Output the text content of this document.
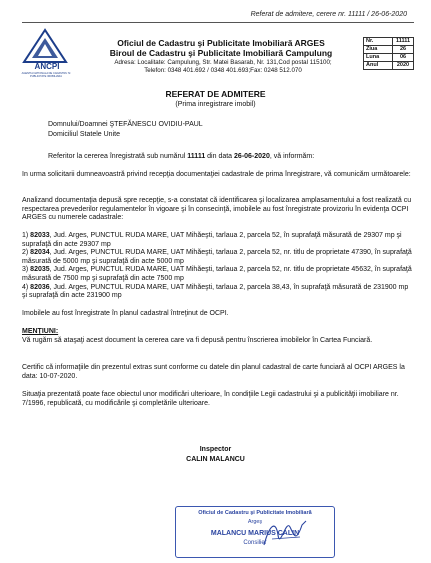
Referat de admitere, cerere nr. 11111 / 26-06-2020
ANCPI
AGENTIA NATIONALA DE CADASTRU SI PUBLICITATE IMOBILIARA
Oficiul de Cadastru şi Publicitate Imobiliară ARGES
Biroul de Cadastru şi Publicitate Imobiliară Campulung
Adresa: Localitate: Campulung, Str. Matei Basarab, Nr. 131,Cod postal 115100;
Telefon: 0348 401.692 / 0348 401.693;Fax: 0248 512.070
Nr.	11111
Ziua	26
Luna	06
Anul	2020
REFERAT DE ADMITERE
(Prima inregistrare imobil)
Domnului/Doamnei ŞTEFĂNESCU OVIDIU-PAUL
Domiciliul Statele Unite
Referitor la cererea înregistrată sub numărul 11111 din data 26-06-2020, vă informăm:
In urma solicitarii dumneavoastră privind recepţia documentaţiei cadastrale de prima înregistrare, vă comunicăm următoarele:
Analizand documentaţia depusă spre recepţie, s-a constatat că identificarea şi localizarea amplasamentului a fost realizată cu respectarea prevederilor regulamentelor în vigoare şi în consecinţă, imobilele au fost înregistrate provizoriu în evidenţa OCPI ARGES cu numerele cadastrale:
1) 82033, Jud. Arges, PUNCTUL RUDA MARE, UAT Mihăeşti, tarlaua 2, parcela 52, în suprafaţă măsurată de 29307 mp şi suprafaţă din acte 29307 mp
2) 82034, Jud. Arges, PUNCTUL RUDA MARE, UAT Mihăeşti, tarlaua 2, parcela 52, nr. titlu de proprietate 47390, în suprafaţă măsurată de 5000 mp şi suprafaţă din acte 5000 mp
3) 82035, Jud. Arges, PUNCTUL RUDA MARE, UAT Mihăeşti, tarlaua 2, parcela 52, nr. titlu de proprietate 45632, în suprafaţă măsurată de 7500 mp şi suprafaţă din acte 7500 mp
4) 82036, Jud. Arges, PUNCTUL RUDA MARE, UAT Mihăeşti, tarlaua 2, parcela 38,43, în suprafaţă măsurată de 231900 mp şi suprafaţă din acte 231900 mp
Imobilele au fost înregistrate în planul cadastral întreţinut de OCPI.
MENŢIUNI:
Vă rugăm să ataşaţi acest document la cererea care va fi depusă pentru înscrierea imobilelor în Cartea Funciară.
Certific că informaţiile din prezentul extras sunt conforme cu datele din planul cadastral de carte funciară al OCPI ARGES la data: 10-07-2020.
Situaţia prezentată poate face obiectul unor modificări ulterioare, în condiţiile Legii cadastrului şi a publicităţii imobiliare nr. 7/1996, republicată, cu modificările şi completările ulterioare.
Inspector
CALIN MALANCU
Oficiul de Cadastru şi Publicitate Imobiliară
Argeş
MALANCU MARIUS CALIN
Consilier
